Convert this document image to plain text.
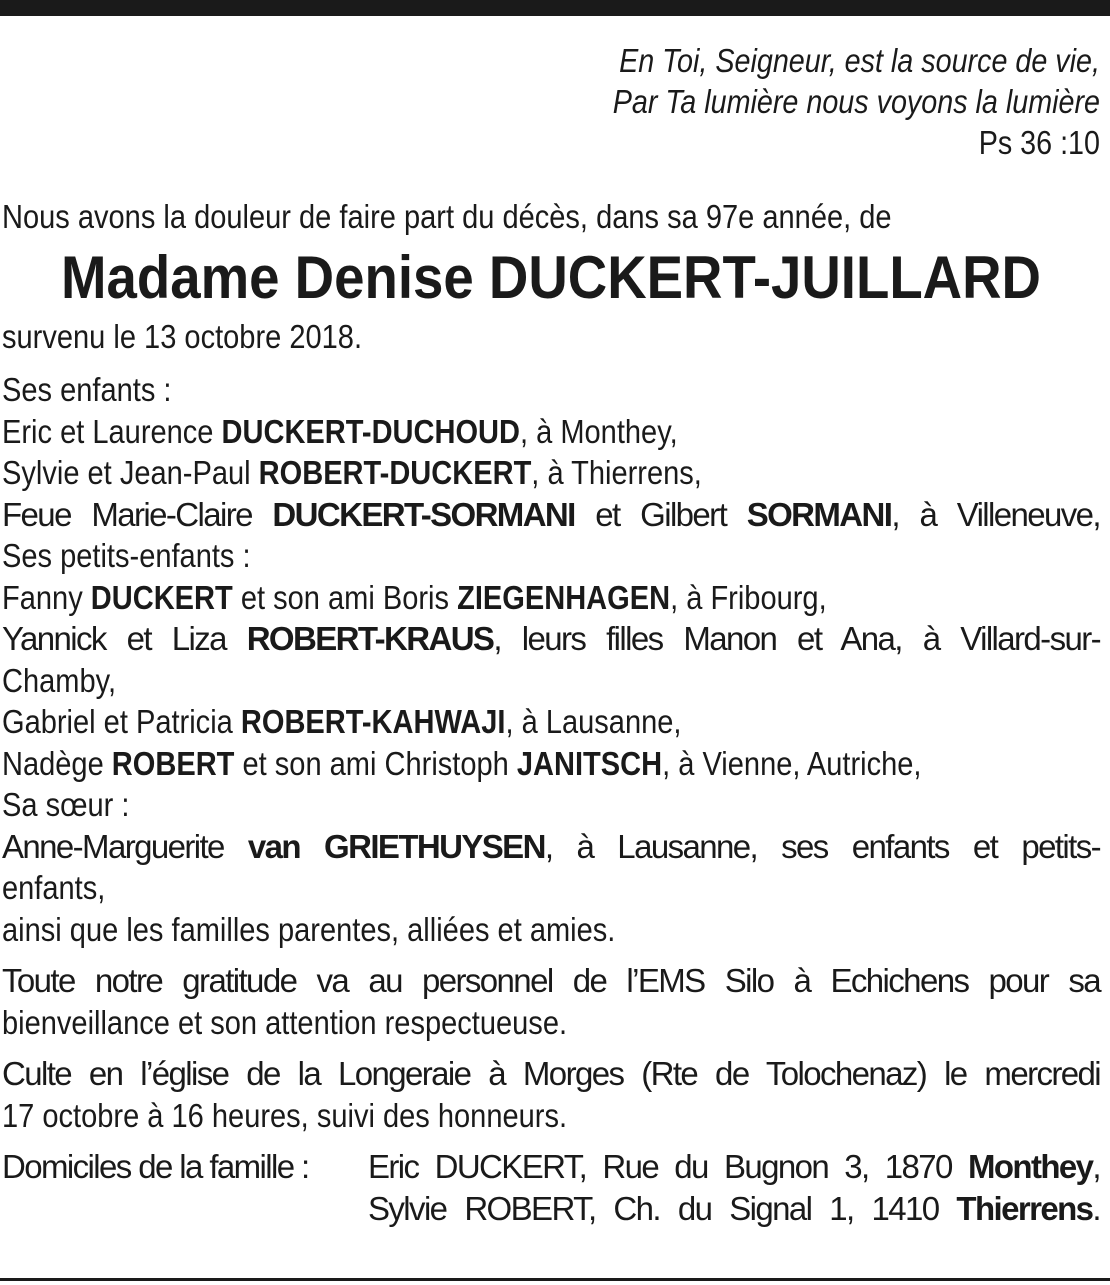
En Toi, Seigneur, est la source de vie,
Par Ta lumière nous voyons la lumière
Ps 36 :10
Nous avons la douleur de faire part du décès, dans sa 97e année, de
Madame Denise DUCKERT-JUILLARD
survenu le 13 octobre 2018.
Ses enfants :
Eric et Laurence DUCKERT-DUCHOUD, à Monthey,
Sylvie et Jean-Paul ROBERT-DUCKERT, à Thierrens,
Feue Marie-Claire DUCKERT-SORMANI et Gilbert SORMANI, à Villeneuve,
Ses petits-enfants :
Fanny DUCKERT et son ami Boris ZIEGENHAGEN, à Fribourg,
Yannick et Liza ROBERT-KRAUS, leurs filles Manon et Ana, à Villard-sur-
Chamby,
Gabriel et Patricia ROBERT-KAHWAJI, à Lausanne,
Nadège ROBERT et son ami Christoph JANITSCH, à Vienne, Autriche,
Sa sœur :
Anne-Marguerite van GRIETHUYSEN, à Lausanne, ses enfants et petits-
enfants,
ainsi que les familles parentes, alliées et amies.
Toute notre gratitude va au personnel de l’EMS Silo à Echichens pour sa
bienveillance et son attention respectueuse.
Culte en l’église de la Longeraie à Morges (Rte de Tolochenaz) le mercredi
17 octobre à 16 heures, suivi des honneurs.
Domiciles de la famille :	Eric DUCKERT, Rue du Bugnon 3, 1870 Monthey,
Sylvie ROBERT, Ch. du Signal 1, 1410 Thierrens.
